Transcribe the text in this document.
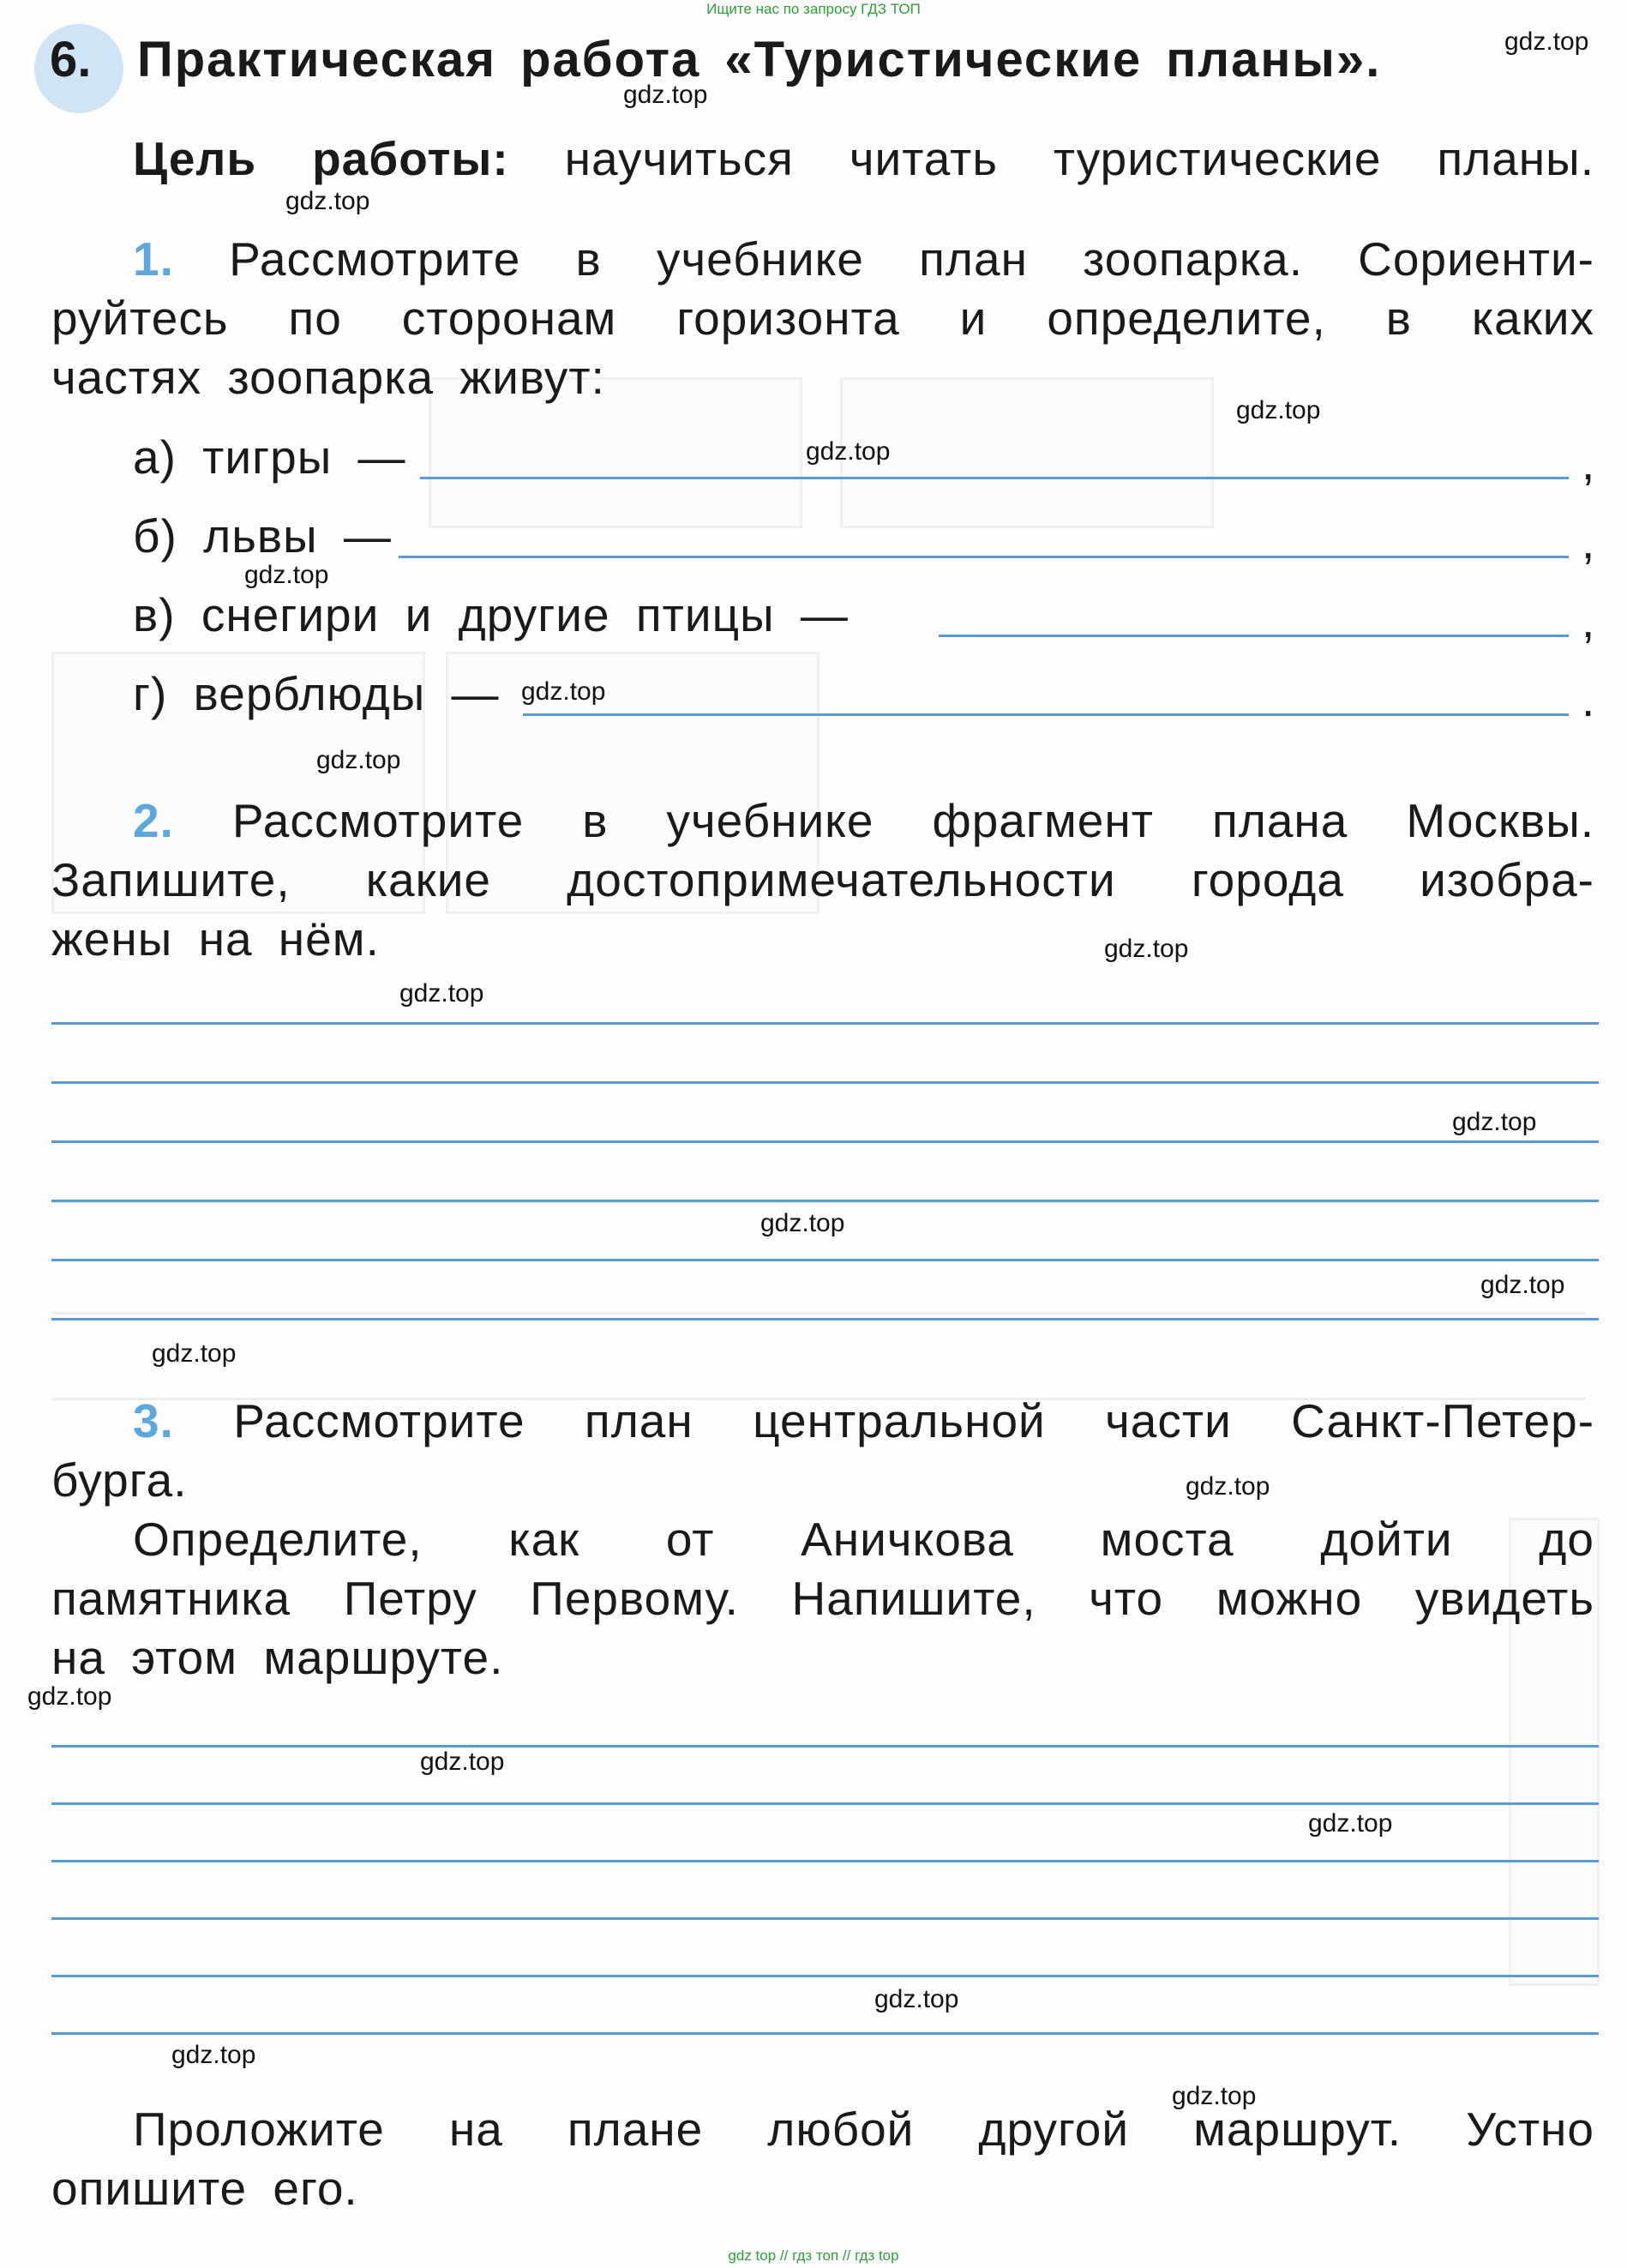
Ищите нас по запросу ГДЗ ТОП
6. Практическая работа «Туристические планы».
Цель работы: научиться читать туристические планы.
1. Рассмотрите в учебнике план зоопарка. Сориенти-
руйтесь по сторонам горизонта и определите, в каких
частях зоопарка живут:
а) тигры —	,
б) львы —	,
в) снегири и другие птицы —	,
г) верблюды —	.
2. Рассмотрите в учебнике фрагмент плана Москвы.
Запишите, какие достопримечательности города изобра-
жены на нём.
3. Рассмотрите план центральной части Санкт-Петер-
бурга.
Определите, как от Аничкова моста дойти до
памятника Петру Первому. Напишите, что можно увидеть
на этом маршруте.
Проложите на плане любой другой маршрут. Устно
опишите его.
gdz.top
gdz.top
gdz.top
gdz.top
gdz.top
gdz.top
gdz.top
gdz.top
gdz.top
gdz.top
gdz.top
gdz.top
gdz.top
gdz.top
gdz.top
gdz.top
gdz.top
gdz.top
gdz.top
gdz.top
gdz.top
gdz top // гдз топ // гдз top
